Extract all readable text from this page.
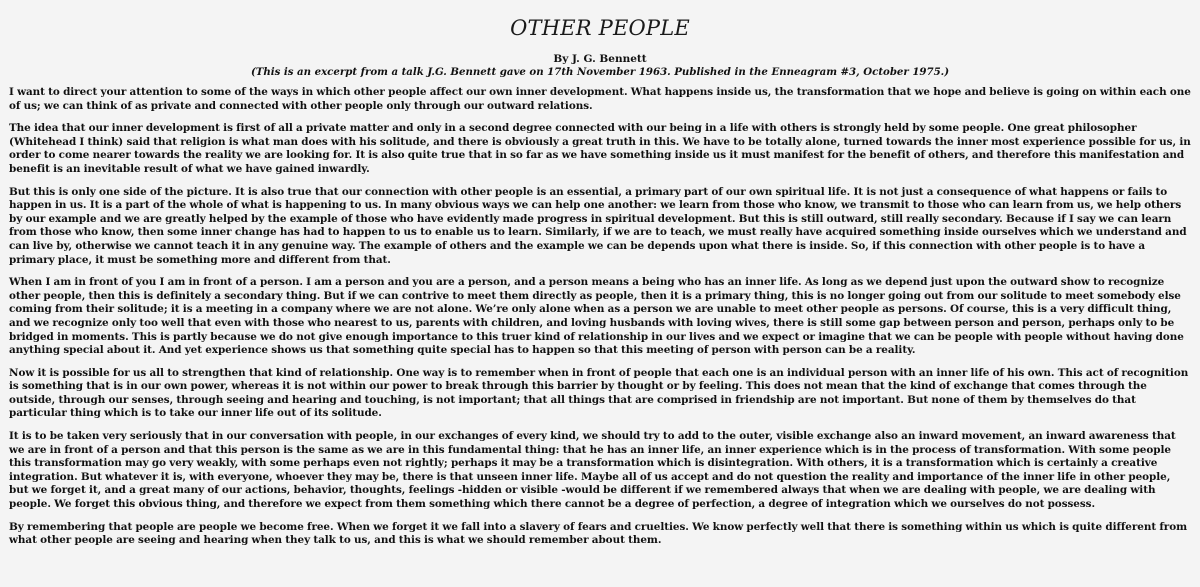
OTHER PEOPLE
By J. G. Bennett
(This is an excerpt from a talk J.G. Bennett gave on 17th November 1963. Published in the Enneagram #3, October 1975.)

I want to direct your attention to some of the ways in which other people affect our own inner development. What happens inside us, the transformation that we hope and believe is going on within each one of us; we can think of as private and connected with other people only through our outward relations.

The idea that our inner development is first of all a private matter and only in a second degree connected with our being in a life with others is strongly held by some people. One great philosopher (Whitehead I think) said that religion is what man does with his solitude, and there is obviously a great truth in this. We have to be totally alone, turned towards the inner most experience possible for us, in order to come nearer towards the reality we are looking for. It is also quite true that in so far as we have something inside us it must manifest for the benefit of others, and therefore this manifestation and benefit is an inevitable result of what we have gained inwardly.

But this is only one side of the picture. It is also true that our connection with other people is an essential, a primary part of our own spiritual life. It is not just a consequence of what happens or fails to happen in us. It is a part of the whole of what is happening to us. In many obvious ways we can help one another: we learn from those who know, we transmit to those who can learn from us, we help others by our example and we are greatly helped by the example of those who have evidently made progress in spiritual development. But this is still outward, still really secondary. Because if I say we can learn from those who know, then some inner change has had to happen to us to enable us to learn. Similarly, if we are to teach, we must really have acquired something inside ourselves which we understand and can live by, otherwise we cannot teach it in any genuine way. The example of others and the example we can be depends upon what there is inside. So, if this connection with other people is to have a primary place, it must be something more and different from that.

When I am in front of you I am in front of a person. I am a person and you are a person, and a person means a being who has an inner life. As long as we depend just upon the outward show to recognize other people, then this is definitely a secondary thing. But if we can contrive to meet them directly as people, then it is a primary thing, this is no longer going out from our solitude to meet somebody else coming from their solitude; it is a meeting in a company where we are not alone. We’re only alone when as a person we are unable to meet other people as persons. Of course, this is a very difficult thing, and we recognize only too well that even with those who nearest to us, parents with children, and loving husbands with loving wives, there is still some gap between person and person, perhaps only to be bridged in moments. This is partly because we do not give enough importance to this truer kind of relationship in our lives and we expect or imagine that we can be people with people without having done anything special about it. And yet experience shows us that something quite special has to happen so that this meeting of person with person can be a reality.

Now it is possible for us all to strengthen that kind of relationship. One way is to remember when in front of people that each one is an individual person with an inner life of his own. This act of recognition is something that is in our own power, whereas it is not within our power to break through this barrier by thought or by feeling. This does not mean that the kind of exchange that comes through the outside, through our senses, through seeing and hearing and touching, is not important; that all things that are comprised in friendship are not important. But none of them by themselves do that particular thing which is to take our inner life out of its solitude.

It is to be taken very seriously that in our conversation with people, in our exchanges of every kind, we should try to add to the outer, visible exchange also an inward movement, an inward awareness that we are in front of a person and that this person is the same as we are in this fundamental thing: that he has an inner life, an inner experience which is in the process of transformation. With some people this transformation may go very weakly, with some perhaps even not rightly; perhaps it may be a transformation which is disintegration. With others, it is a transformation which is certainly a creative integration. But whatever it is, with everyone, whoever they may be, there is that unseen inner life. Maybe all of us accept and do not question the reality and importance of the inner life in other people, but we forget it, and a great many of our actions, behavior, thoughts, feelings -hidden or visible -would be different if we remembered always that when we are dealing with people, we are dealing with people. We forget this obvious thing, and therefore we expect from them something which there cannot be a degree of perfection, a degree of integration which we ourselves do not possess.

By remembering that people are people we become free. When we forget it we fall into a slavery of fears and cruelties. We know perfectly well that there is something within us which is quite different from what other people are seeing and hearing when they talk to us, and this is what we should remember about them.
